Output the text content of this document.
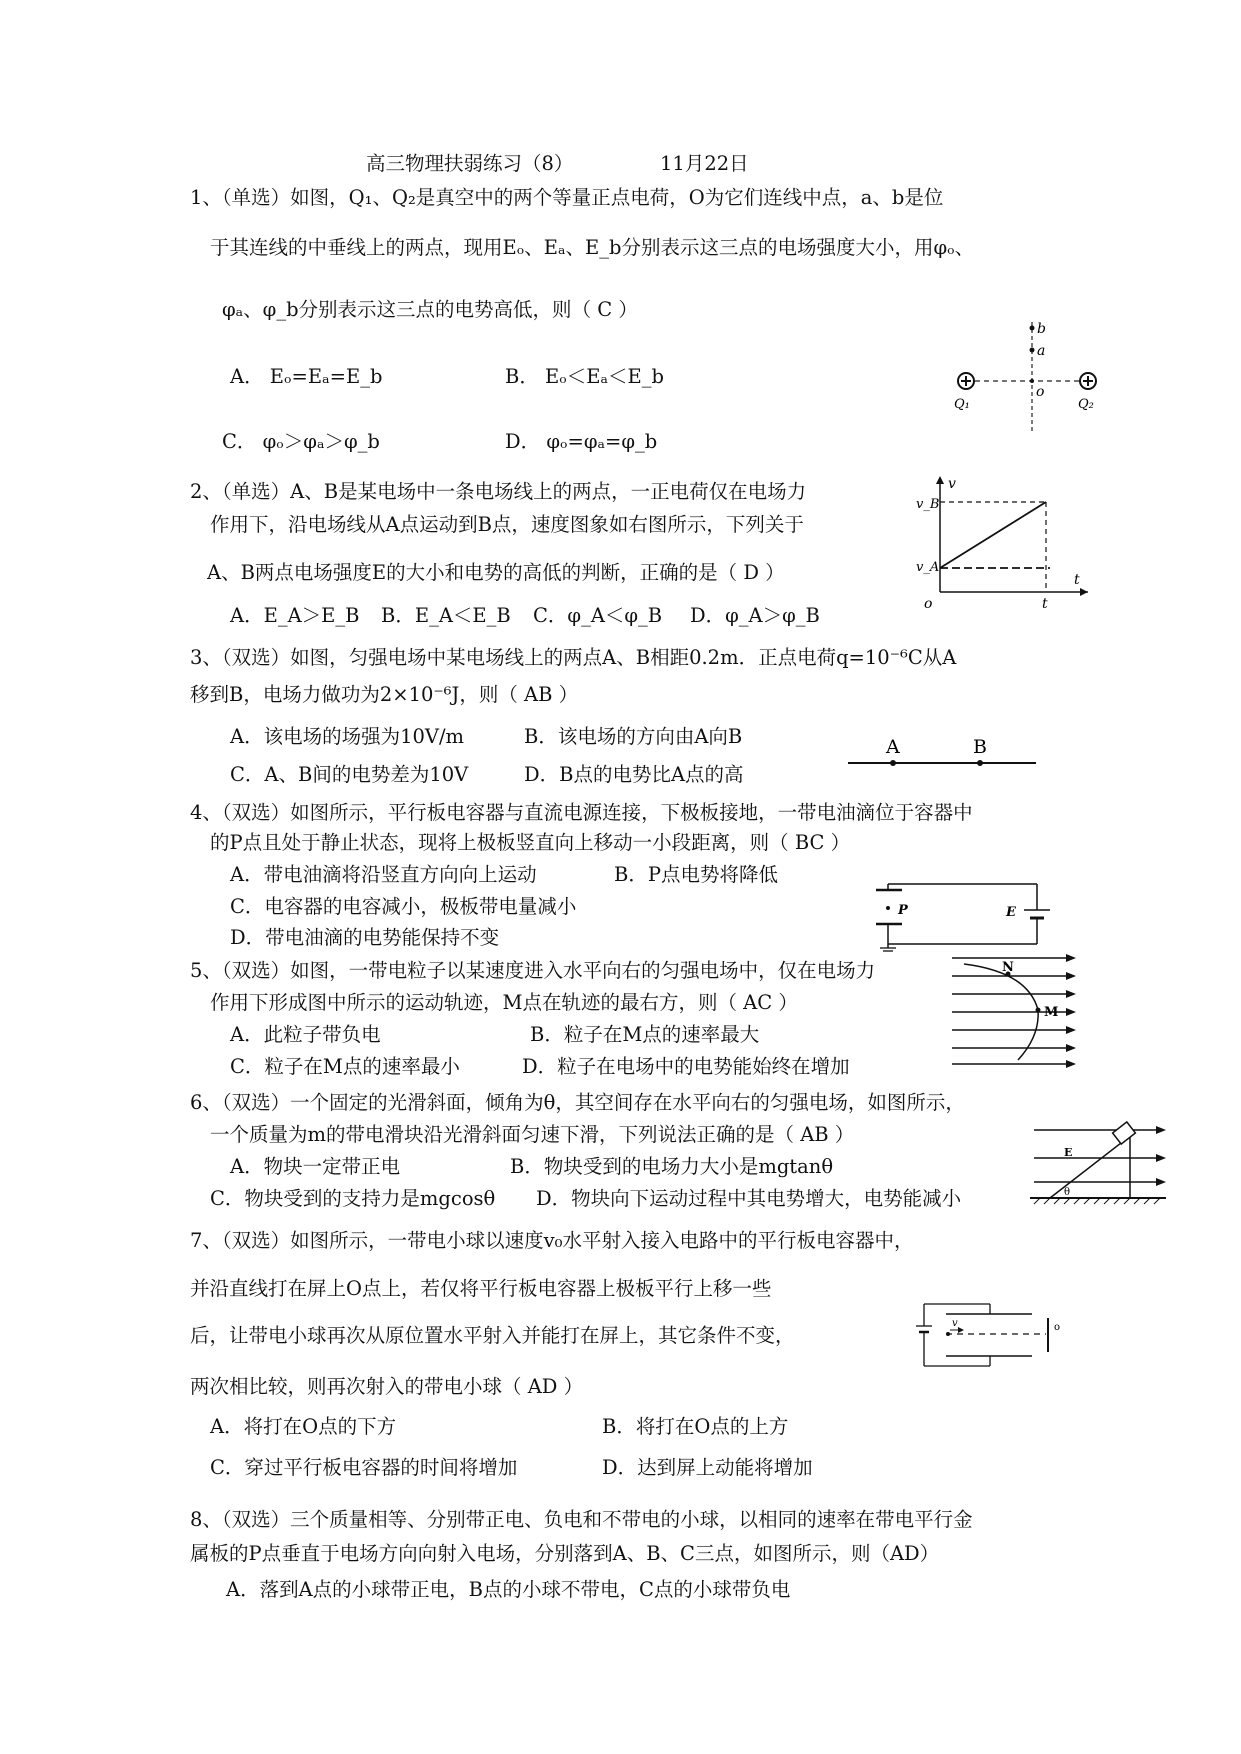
高三物理扶弱练习（8）	11月22日
1、（单选）如图，Q₁、Q₂是真空中的两个等量正点电荷，O为它们连线中点，a、b是位
于其连线的中垂线上的两点，现用Eₒ、Eₐ、E_b分别表示这三点的电场强度大小，用φₒ、
φₐ、φ_b分别表示这三点的电势高低，则（ C ）
A． Eₒ=Eₐ=E_b	B． Eₒ＜Eₐ＜E_b
C． φₒ＞φₐ＞φ_b	D． φₒ=φₐ=φ_b
b
a
o
Q₁	Q₂
2、（单选）A、B是某电场中一条电场线上的两点，一正电荷仅在电场力
作用下，沿电场线从A点运动到B点，速度图象如右图所示，下列关于
A、B两点电场强度E的大小和电势的高低的判断，正确的是（ D ）
A．E_A＞E_B B．E_A＜E_B C．φ_A＜φ_B D．φ_A＞φ_B
v
v_B
v_A
t
o	t
3、（双选）如图，匀强电场中某电场线上的两点A、B相距0.2m．正点电荷q=10⁻⁶C从A
移到B，电场力做功为2×10⁻⁶J，则（ AB ）
A．该电场的场强为10V/m	B．该电场的方向由A向B
C．A、B间的电势差为10V	D．B点的电势比A点的高
A	B
4、（双选）如图所示，平行板电容器与直流电源连接，下极板接地，一带电油滴位于容器中
的P点且处于静止状态，现将上极板竖直向上移动一小段距离，则（ BC ）
A．带电油滴将沿竖直方向向上运动	B．P点电势将降低
C．电容器的电容减小，极板带电量减小
D．带电油滴的电势能保持不变
P	E
5、（双选）如图，一带电粒子以某速度进入水平向右的匀强电场中，仅在电场力
作用下形成图中所示的运动轨迹，M点在轨迹的最右方，则（ AC ）
A．此粒子带负电	B．粒子在M点的速率最大
C．粒子在M点的速率最小	D．粒子在电场中的电势能始终在增加
N
M
6、（双选）一个固定的光滑斜面，倾角为θ，其空间存在水平向右的匀强电场，如图所示，
一个质量为m的带电滑块沿光滑斜面匀速下滑，下列说法正确的是（ AB ）
A．物块一定带正电	B．物块受到的电场力大小是mgtanθ
C．物块受到的支持力是mgcosθ D．物块向下运动过程中其电势增大，电势能减小
E
θ
7、（双选）如图所示，一带电小球以速度v₀水平射入接入电路中的平行板电容器中，
并沿直线打在屏上O点上，若仅将平行板电容器上极板平行上移一些
后，让带电小球再次从原位置水平射入并能打在屏上，其它条件不变，
两次相比较，则再次射入的带电小球（ AD ）
A．将打在O点的下方	B．将打在O点的上方
C．穿过平行板电容器的时间将增加	D．达到屏上动能将增加
v	o
8、（双选）三个质量相等、分别带正电、负电和不带电的小球，以相同的速率在带电平行金
属板的P点垂直于电场方向向射入电场，分别落到A、B、C三点，如图所示，则（AD）
A．落到A点的小球带正电，B点的小球不带电，C点的小球带负电
